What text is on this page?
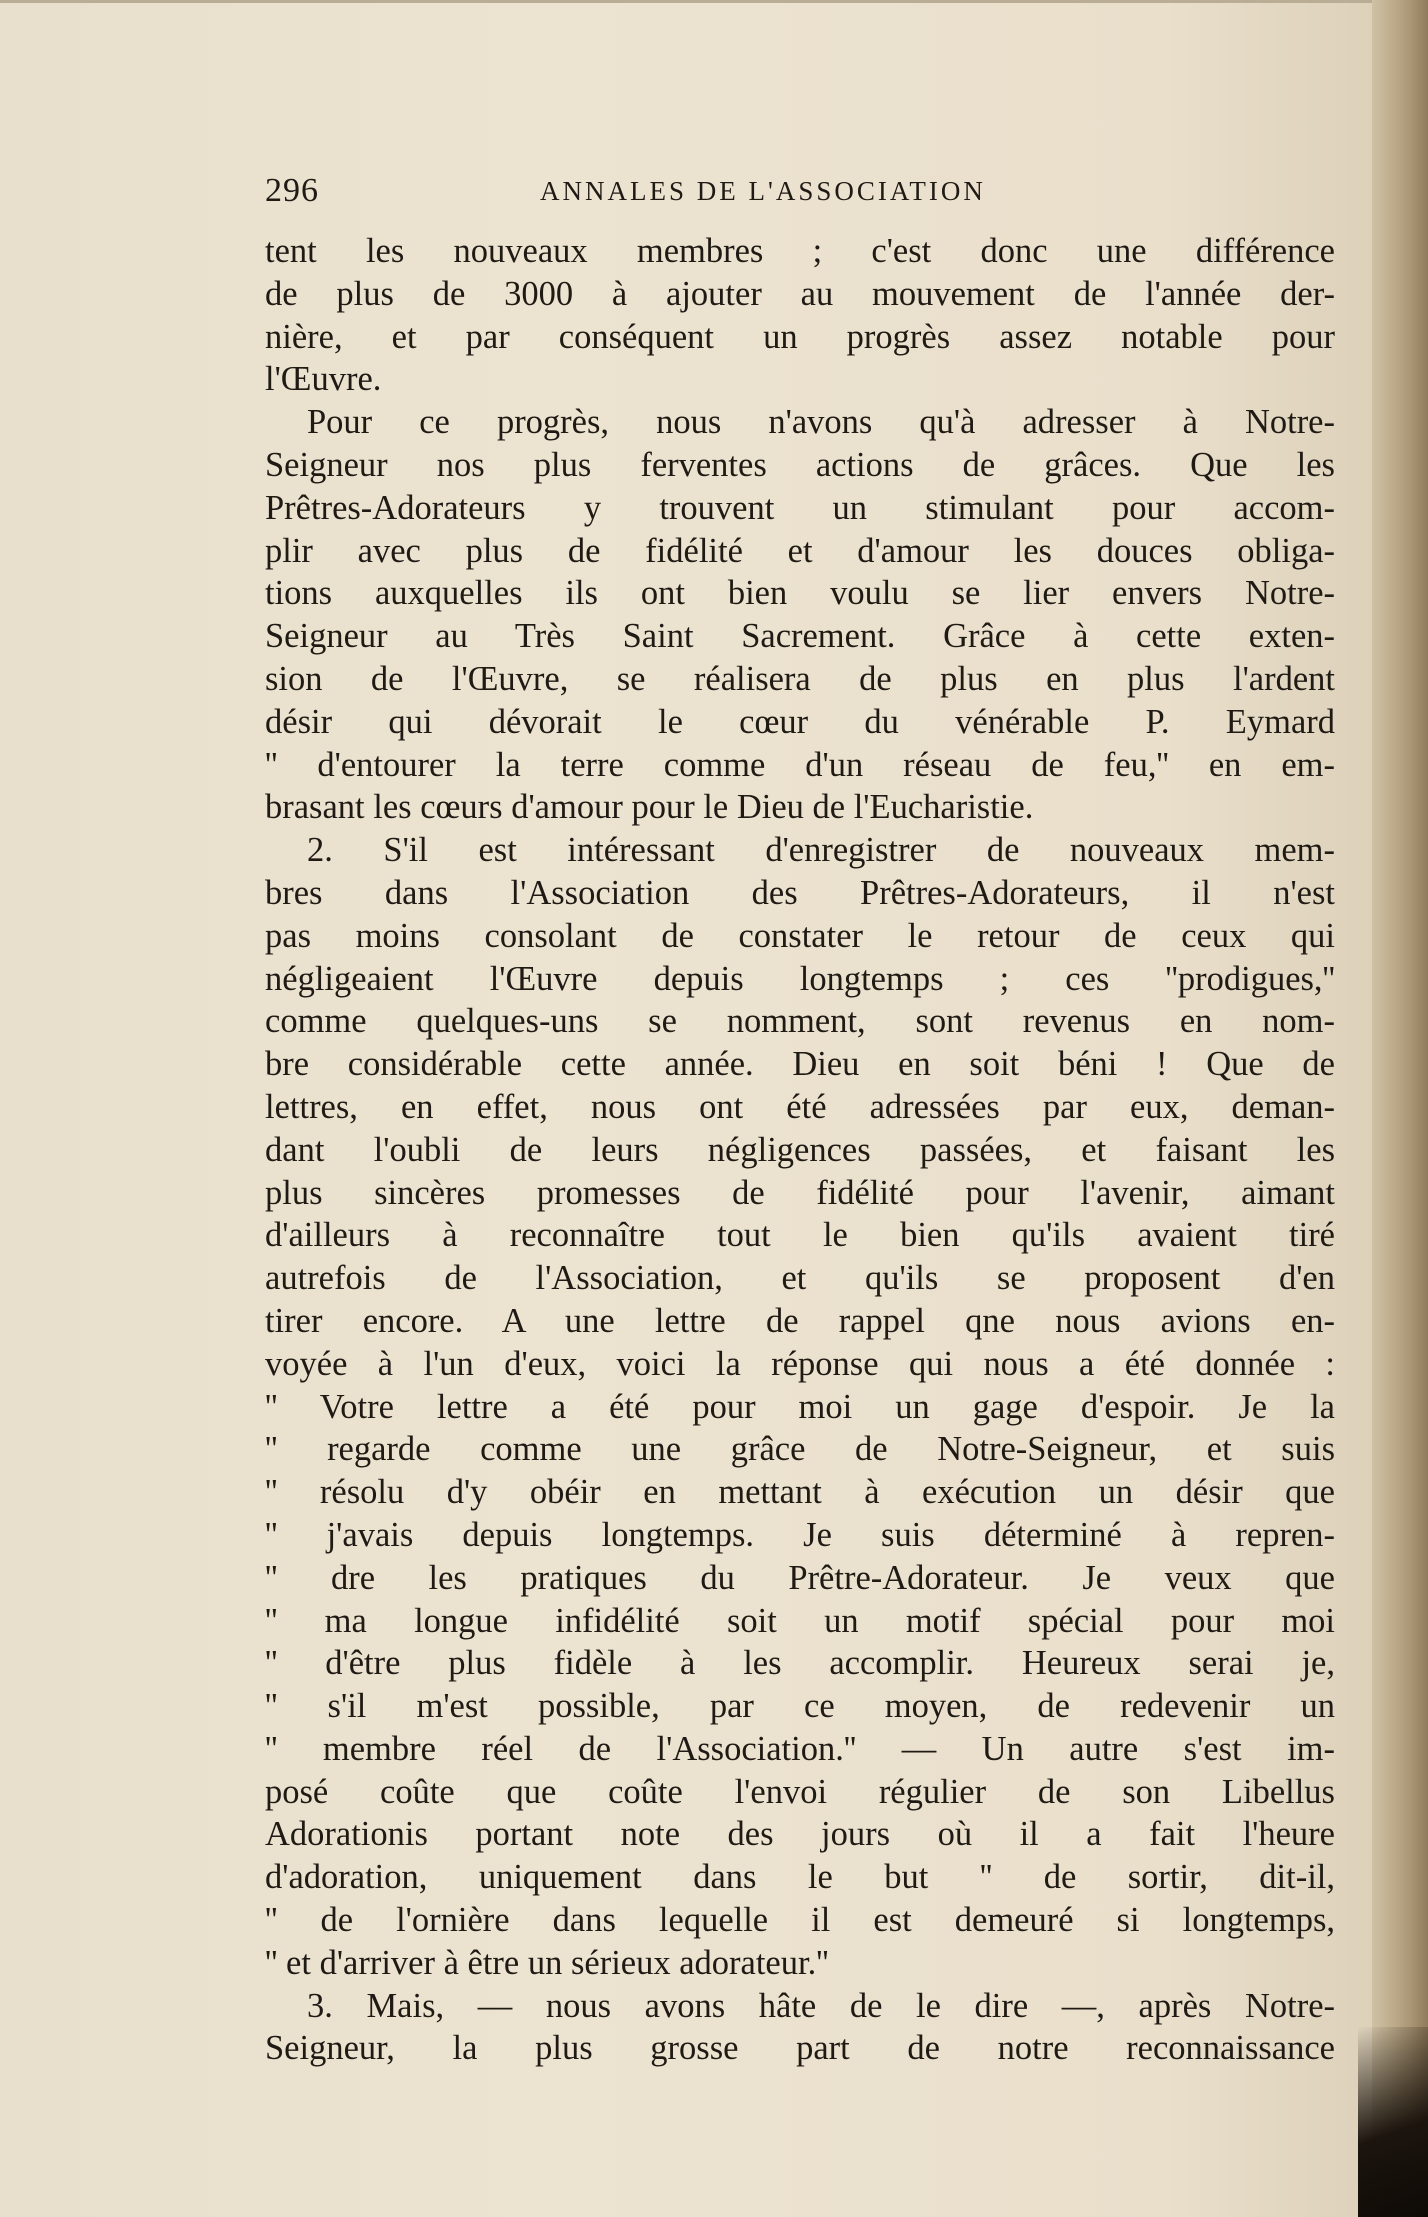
296	ANNALES DE L'ASSOCIATION
tent les nouveaux membres ; c'est donc une différence
de plus de 3000 à ajouter au mouvement de l'année der-
nière, et par conséquent un progrès assez notable pour
l'Œuvre.
Pour ce progrès, nous n'avons qu'à adresser à Notre-
Seigneur nos plus ferventes actions de grâces. Que les
Prêtres-Adorateurs y trouvent un stimulant pour accom-
plir avec plus de fidélité et d'amour les douces obliga-
tions auxquelles ils ont bien voulu se lier envers Notre-
Seigneur au Très Saint Sacrement. Grâce à cette exten-
sion de l'Œuvre, se réalisera de plus en plus l'ardent
désir qui dévorait le cœur du vénérable P. Eymard
'' d'entourer la terre comme d'un réseau de feu,'' en em-
brasant les cœurs d'amour pour le Dieu de l'Eucharistie.
2. S'il est intéressant d'enregistrer de nouveaux mem-
bres dans l'Association des Prêtres-Adorateurs, il n'est
pas moins consolant de constater le retour de ceux qui
négligeaient l'Œuvre depuis longtemps ; ces ''prodigues,''
comme quelques-uns se nomment, sont revenus en nom-
bre considérable cette année. Dieu en soit béni ! Que de
lettres, en effet, nous ont été adressées par eux, deman-
dant l'oubli de leurs négligences passées, et faisant les
plus sincères promesses de fidélité pour l'avenir, aimant
d'ailleurs à reconnaître tout le bien qu'ils avaient tiré
autrefois de l'Association, et qu'ils se proposent d'en
tirer encore. A une lettre de rappel qne nous avions en-
voyée à l'un d'eux, voici la réponse qui nous a été donnée :
'' Votre lettre a été pour moi un gage d'espoir. Je la
'' regarde comme une grâce de Notre-Seigneur, et suis
'' résolu d'y obéir en mettant à exécution un désir que
'' j'avais depuis longtemps. Je suis déterminé à repren-
'' dre les pratiques du Prêtre-Adorateur. Je veux que
'' ma longue infidélité soit un motif spécial pour moi
'' d'être plus fidèle à les accomplir. Heureux serai je,
'' s'il m'est possible, par ce moyen, de redevenir un
'' membre réel de l'Association.'' — Un autre s'est im-
posé coûte que coûte l'envoi régulier de son Libellus
Adorationis portant note des jours où il a fait l'heure
d'adoration, uniquement dans le but '' de sortir, dit-il,
'' de l'ornière dans lequelle il est demeuré si longtemps,
'' et d'arriver à être un sérieux adorateur.''
3. Mais, — nous avons hâte de le dire —, après Notre-
Seigneur, la plus grosse part de notre reconnaissance
